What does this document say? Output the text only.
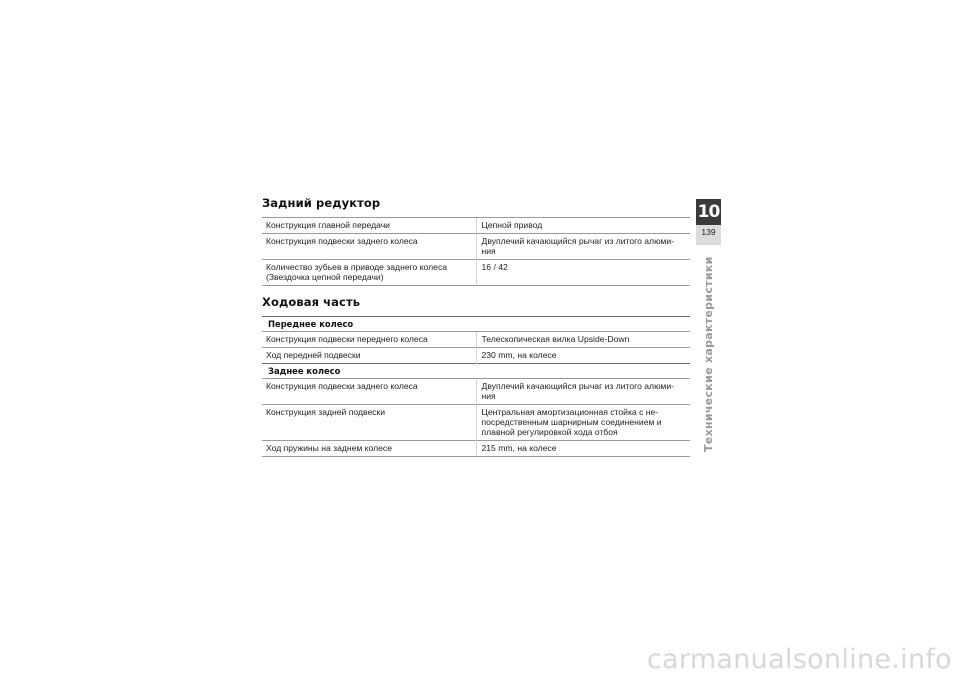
Задний редуктор
Конструкция главной передачи	Цепной привод
Конструкция подвески заднего колеса	Двуплечий качающийся рычаг из литого алюми-
ния
Количество зубьев в приводе заднего колеса
(Звездочка цепной передачи)	16 / 42
Ходовая часть
Переднее колесо	
Конструкция подвески переднего колеса	Телескопическая вилка Upside-Down
Ход передней подвески	230 mm, на колесе
Заднее колесо	
Конструкция подвески заднего колеса	Двуплечий качающийся рычаг из литого алюми-
ния
Конструкция задней подвески	Центральная амортизационная стойка с не-
посредственным шарнирным соединением и
плавной регулировкой хода отбоя
Ход пружины на заднем колесе	215 mm, на колесе
10
139
Технические характеристики
carmanualsonline.info
